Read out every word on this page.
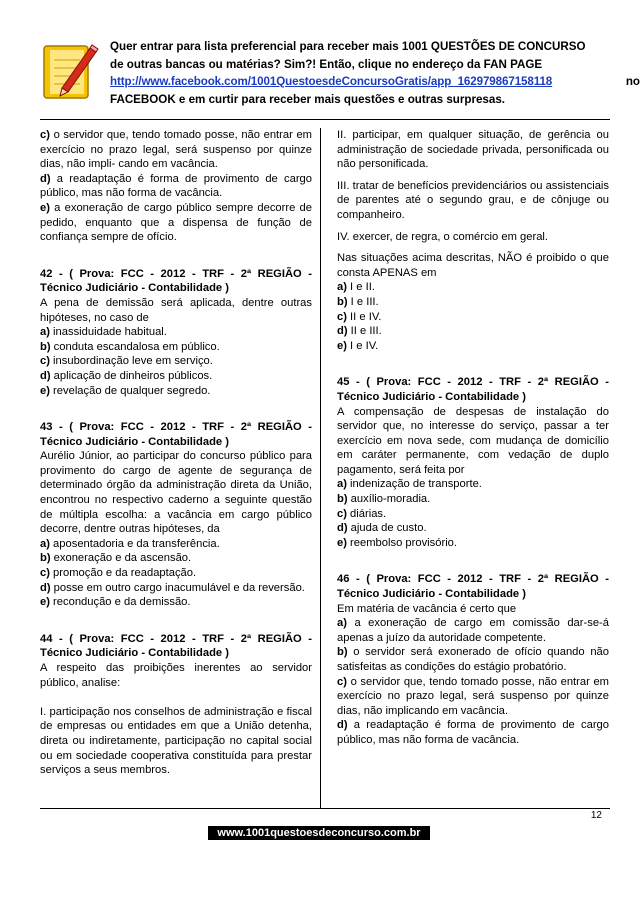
Quer entrar para lista preferencial para receber mais 1001 QUESTÕES DE CONCURSO
de outras bancas ou matérias? Sim?! Então, clique no endereço da FAN PAGE
http://www.facebook.com/1001QuestoesdeConcursoGratis/app_162979867158118	no
FACEBOOK e em curtir para receber mais questões e outras surpresas.

c) o servidor que, tendo tomado posse, não entrar em exercício no prazo legal, será suspenso por quinze dias, não impli- cando em vacância.

d) a readaptação é forma de provimento de cargo público, mas não forma de vacância.

e) a exoneração de cargo público sempre decorre de pedido, enquanto que a dispensa de função de confiança sempre de ofício.

42 - ( Prova: FCC - 2012 - TRF - 2ª REGIÃO - Técnico Judiciário - Contabilidade )

A pena de demissão será aplicada, dentre outras hipóteses, no caso de

a) inassiduidade habitual.

b) conduta escandalosa em público.

c) insubordinação leve em serviço.

d) aplicação de dinheiros públicos.

e) revelação de qualquer segredo.

43 - ( Prova: FCC - 2012 - TRF - 2ª REGIÃO - Técnico Judiciário - Contabilidade )

Aurélio Júnior, ao participar do concurso público para provimento do cargo de agente de segurança de determinado órgão da administração direta da União, encontrou no respectivo caderno a seguinte questão de múltipla escolha: a vacância em cargo público decorre, dentre outras hipóteses, da

a) aposentadoria e da transferência.

b) exoneração e da ascensão.

c) promoção e da readaptação.

d) posse em outro cargo inacumulável e da reversão.

e) recondução e da demissão.

44 - ( Prova: FCC - 2012 - TRF - 2ª REGIÃO - Técnico Judiciário - Contabilidade )

A respeito das proibições inerentes ao servidor público, analise:

I. participação nos conselhos de administração e fiscal de empresas ou entidades em que a União detenha, direta ou indiretamente, participação no capital social ou em sociedade cooperativa constituída para prestar serviços a seus membros.

II. participar, em qualquer situação, de gerência ou administração de sociedade privada, personificada ou não personificada.

III. tratar de benefícios previdenciários ou assistenciais de parentes até o segundo grau, e de cônjuge ou companheiro.

IV. exercer, de regra, o comércio em geral.

Nas situações acima descritas, NÃO é proibido o que consta APENAS em

a) I e II.

b) I e III.

c) II e IV.

d) II e III.

e) I e IV.

45 - ( Prova: FCC - 2012 - TRF - 2ª REGIÃO - Técnico Judiciário - Contabilidade )

A compensação de despesas de instalação do servidor que, no interesse do serviço, passar a ter exercício em nova sede, com mudança de domicílio em caráter permanente, com vedação de duplo pagamento, será feita por

a) indenização de transporte.

b) auxílio-moradia.

c) diárias.

d) ajuda de custo.

e) reembolso provisório.

46 - ( Prova: FCC - 2012 - TRF - 2ª REGIÃO - Técnico Judiciário - Contabilidade )

Em matéria de vacância é certo que

a) a exoneração de cargo em comissão dar-se-á apenas a juízo da autoridade competente.

b) o servidor será exonerado de ofício quando não satisfeitas as condições do estágio probatório.

c) o servidor que, tendo tomado posse, não entrar em exercício no prazo legal, será suspenso por quinze dias, não implicando em vacância.

d) a readaptação é forma de provimento de cargo público, mas não forma de vacância.

12
www.1001questoesdeconcurso.com.br
